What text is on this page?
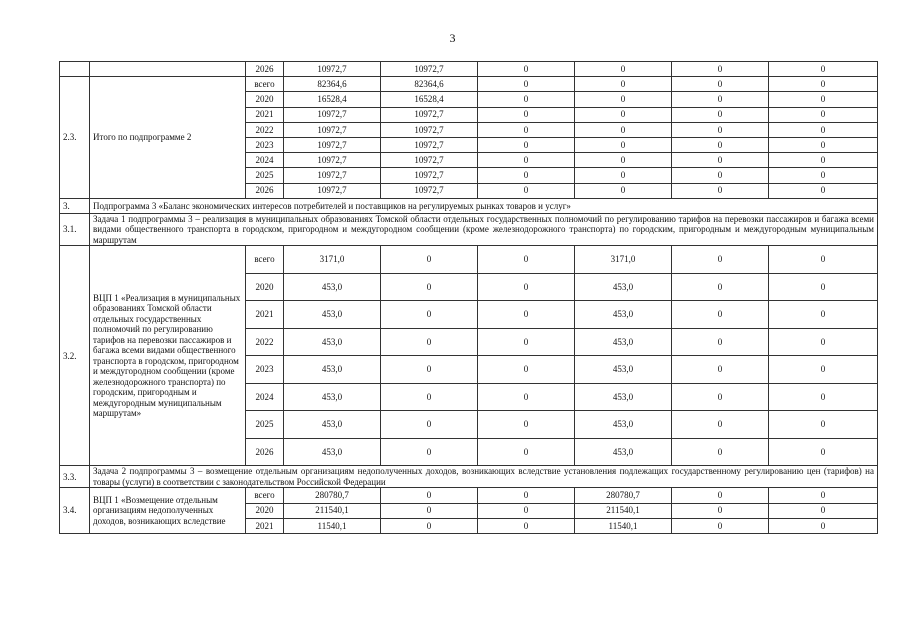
3
		2026	10972,7	10972,7	0	0	0	0
2.3.	Итого по подпрограмме 2	всего	82364,6	82364,6	0	0	0	0
		2020	16528,4	16528,4	0	0	0	0
		2021	10972,7	10972,7	0	0	0	0
		2022	10972,7	10972,7	0	0	0	0
		2023	10972,7	10972,7	0	0	0	0
		2024	10972,7	10972,7	0	0	0	0
		2025	10972,7	10972,7	0	0	0	0
		2026	10972,7	10972,7	0	0	0	0
3.	Подпрограмма 3 «Баланс экономических интересов потребителей и поставщиков на регулируемых рынках товаров и услуг»							
3.1.	Задача 1 подпрограммы 3 – реализация в муниципальных образованиях Томской области отдельных государственных полномочий по регулированию тарифов на перевозки пассажиров и багажа всеми видами общественного транспорта в городском, пригородном и междугородном сообщении (кроме железнодорожного транспорта) по городским, пригородным и междугородным муниципальным маршрутам							
3.2.	ВЦП 1 «Реализация в муниципальных образованиях Томской области отдельных государственных полномочий по регулированию тарифов на перевозки пассажиров и багажа всеми видами общественного транспорта в городском, пригородном и междугородном сообщении (кроме железнодорожного транспорта) по городским, пригородным и междугородным муниципальным маршрутам»	всего	3171,0	0	0	3171,0	0	0
		2020	453,0	0	0	453,0	0	0
		2021	453,0	0	0	453,0	0	0
		2022	453,0	0	0	453,0	0	0
		2023	453,0	0	0	453,0	0	0
		2024	453,0	0	0	453,0	0	0
		2025	453,0	0	0	453,0	0	0
		2026	453,0	0	0	453,0	0	0
3.3.	Задача 2 подпрограммы 3 – возмещение отдельным организациям недополученных доходов, возникающих вследствие установления подлежащих государственному регулированию цен (тарифов) на товары (услуги) в соответствии с законодательством Российской Федерации							
3.4.	ВЦП 1 «Возмещение отдельным организациям недополученных доходов, возникающих вследствие	всего	280780,7	0	0	280780,7	0	0
		2020	211540,1	0	0	211540,1	0	0
		2021	11540,1	0	0	11540,1	0	0
